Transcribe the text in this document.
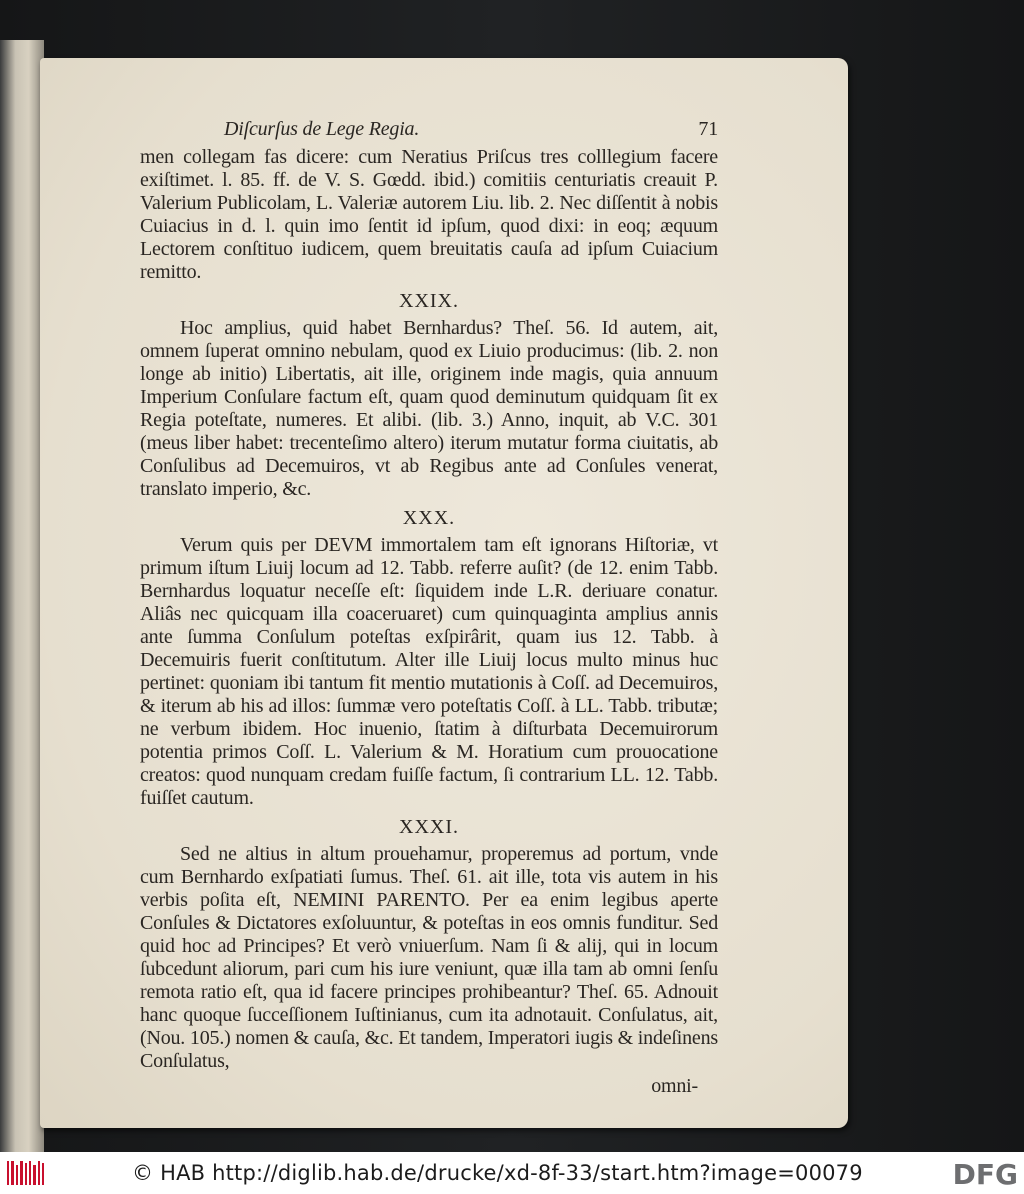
Diſcurſus de Lege Regia.	71

men collegam fas dicere: cum Neratius Priſcus tres colllegium facere exiſtimet. l. 85. ff. de V. S. Gœdd. ibid.) comitiis centuriatis creauit P. Valerium Publicolam, L. Valeriæ autorem Liu. lib. 2. Nec diſſentit à nobis Cuiacius in d. l. quin imo ſentit id ipſum, quod dixi: in eoq; æquum Lectorem conſtituo iudicem, quem breuitatis cauſa ad ipſum Cuiacium remitto.

XXIX.

Hoc amplius, quid habet Bernhardus? Theſ. 56. Id autem, ait, omnem ſuperat omnino nebulam, quod ex Liuio producimus: (lib. 2. non longe ab initio) Libertatis, ait ille, originem inde magis, quia annuum Imperium Conſulare factum eſt, quam quod deminutum quidquam ſit ex Regia poteſtate, numeres. Et alibi. (lib. 3.) Anno, inquit, ab V.C. 301 (meus liber habet: trecenteſimo altero) iterum mutatur forma ciuitatis, ab Conſulibus ad Decemuiros, vt ab Regibus ante ad Conſules venerat, translato imperio, &c.

XXX.

Verum quis per DEVM immortalem tam eſt ignorans Hiſtoriæ, vt primum iſtum Liuij locum ad 12. Tabb. referre auſit? (de 12. enim Tabb. Bernhardus loquatur neceſſe eſt: ſiquidem inde L.R. deriuare conatur. Aliâs nec quicquam illa coaceruaret) cum quinquaginta amplius annis ante ſumma Conſulum poteſtas exſpirârit, quam ius 12. Tabb. à Decemuiris fuerit conſtitutum. Alter ille Liuij locus multo minus huc pertinet: quoniam ibi tantum fit mentio mutationis à Coſſ. ad Decemuiros, & iterum ab his ad illos: ſummæ vero poteſtatis Coſſ. à LL. Tabb. tributæ; ne verbum ibidem. Hoc inuenio, ſtatim à diſturbata Decemuirorum potentia primos Coſſ. L. Valerium & M. Horatium cum prouocatione creatos: quod nunquam credam fuiſſe factum, ſi contrarium LL. 12. Tabb. fuiſſet cautum.

XXXI.

Sed ne altius in altum prouehamur, properemus ad portum, vnde cum Bernhardo exſpatiati ſumus. Theſ. 61. ait ille, tota vis autem in his verbis poſita eſt, NEMINI PARENTO. Per ea enim legibus aperte Conſules & Dictatores exſoluuntur, & poteſtas in eos omnis funditur. Sed quid hoc ad Principes? Et verò vniuerſum. Nam ſi & alij, qui in locum ſubcedunt aliorum, pari cum his iure veniunt, quæ illa tam ab omni ſenſu remota ratio eſt, qua id facere principes prohibeantur? Theſ. 65. Adnouit hanc quoque ſucceſſionem Iuſtinianus, cum ita adnotauit. Conſulatus, ait, (Nou. 105.) nomen & cauſa, &c. Et tandem, Imperatori iugis & indeſinens Conſulatus,

omni-
© HAB http://diglib.hab.de/drucke/xd-8f-33/start.htm?image=00079	DFG
